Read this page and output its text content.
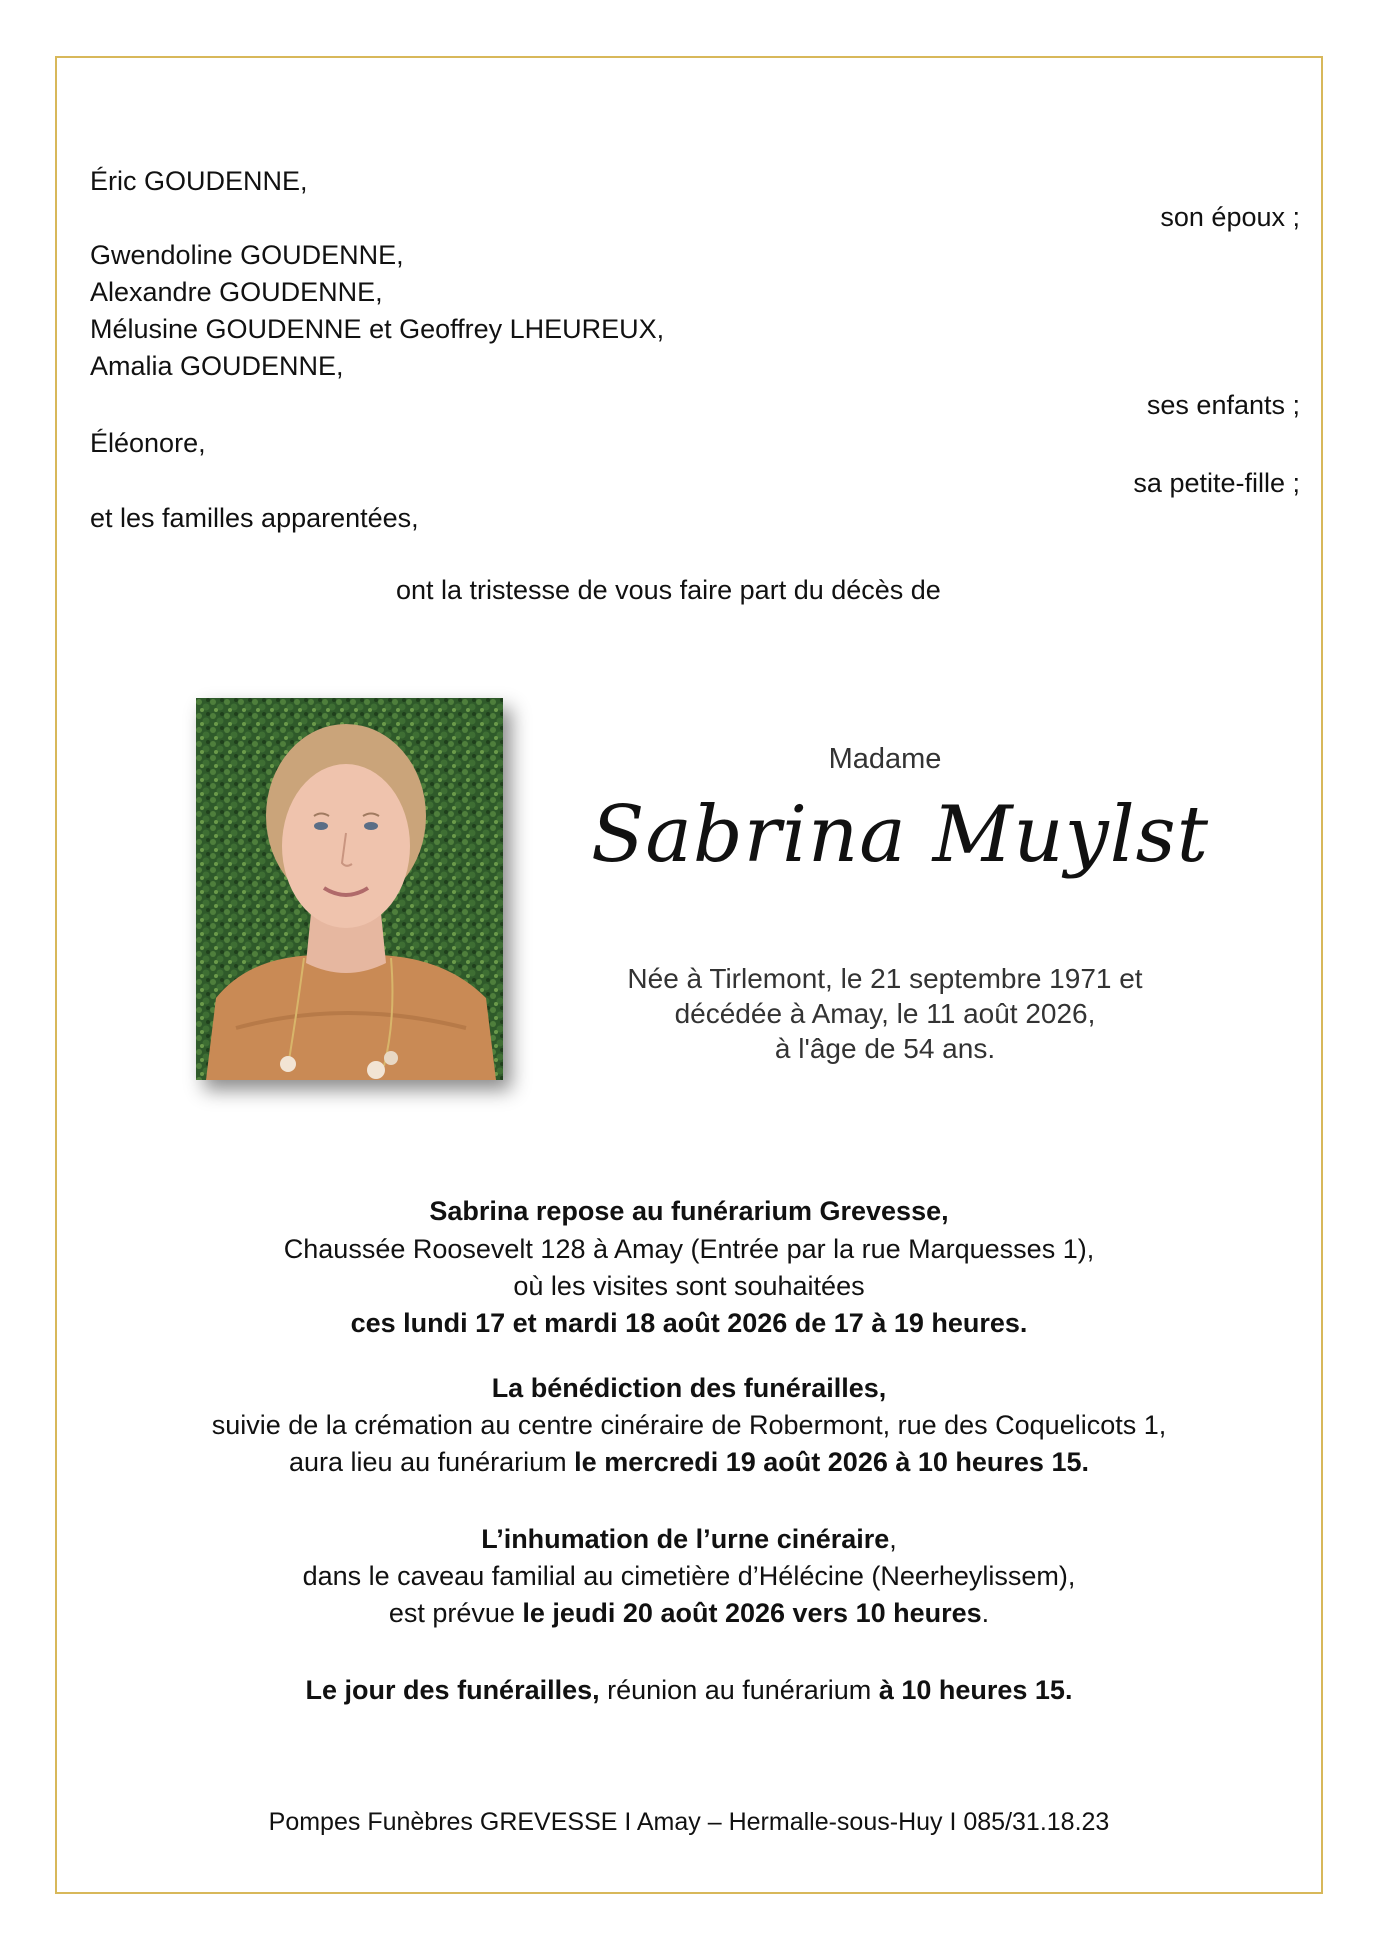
Éric GOUDENNE,
son époux ;
Gwendoline GOUDENNE,
Alexandre GOUDENNE,
Mélusine GOUDENNE et Geoffrey LHEUREUX,
Amalia GOUDENNE,
ses enfants ;
Éléonore,
sa petite-fille ;
et les familles apparentées,
ont la tristesse de vous faire part du décès de
Madame
Sabrina Muylst
Née à Tirlemont, le 21 septembre 1971 et
décédée à Amay, le 11 août 2026,
à l'âge de 54 ans.
Sabrina repose au funérarium Grevesse,
Chaussée Roosevelt 128 à Amay (Entrée par la rue Marquesses 1),
où les visites sont souhaitées
ces lundi 17 et mardi 18 août 2026 de 17 à 19 heures.
La bénédiction des funérailles,
suivie de la crémation au centre cinéraire de Robermont, rue des Coquelicots 1,
aura lieu au funérarium le mercredi 19 août 2026 à 10 heures 15.
L’inhumation de l’urne cinéraire,
dans le caveau familial au cimetière d’Hélécine (Neerheylissem),
est prévue le jeudi 20 août 2026 vers 10 heures.
Le jour des funérailles, réunion au funérarium à 10 heures 15.
Pompes Funèbres GREVESSE I Amay – Hermalle-sous-Huy I 085/31.18.23
